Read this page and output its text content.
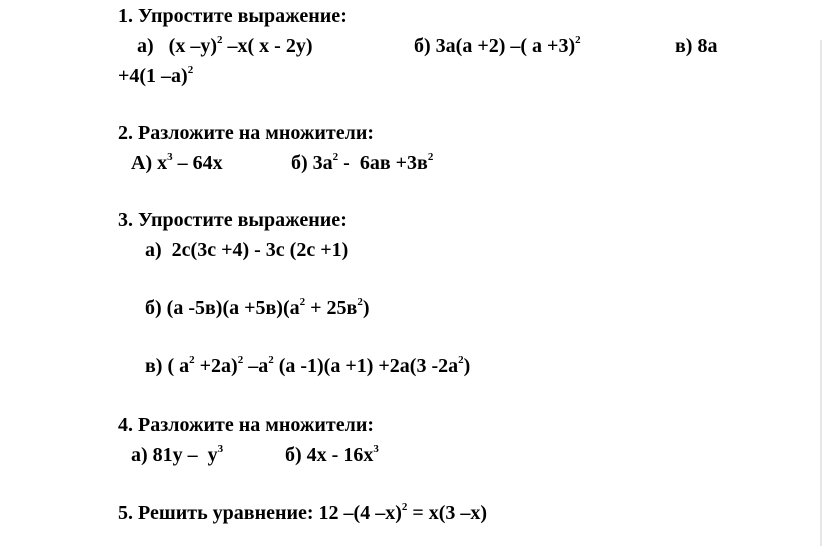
1. Упростите выражение:
а) (х –у)$^2$ –х( х - 2у)	б) 3а(а +2) –( а +3)$^2$	в) 8а
+4(1 –а)$^2$
2. Разложите на множители:
А) $х^3 - 64х$	б) $3а^2 - 6ав +3в^2$
3. Упростите выражение:
а) 2с(3с +4) - 3с (2с +1)
б) (а $-5в)(а +5в)(а^2 + 25в^2)$
в) ( $а^2 +2а)^2$ $-а^2$ (а -1)(а +1) +2а(3 $-2а^2$)
4. Разложите на множители:
а) $81у - у^3$	б) $4х - 16х^3$
5. Решить уравнение: 12 –(4 –х)$^2$ = х(3 –х)
